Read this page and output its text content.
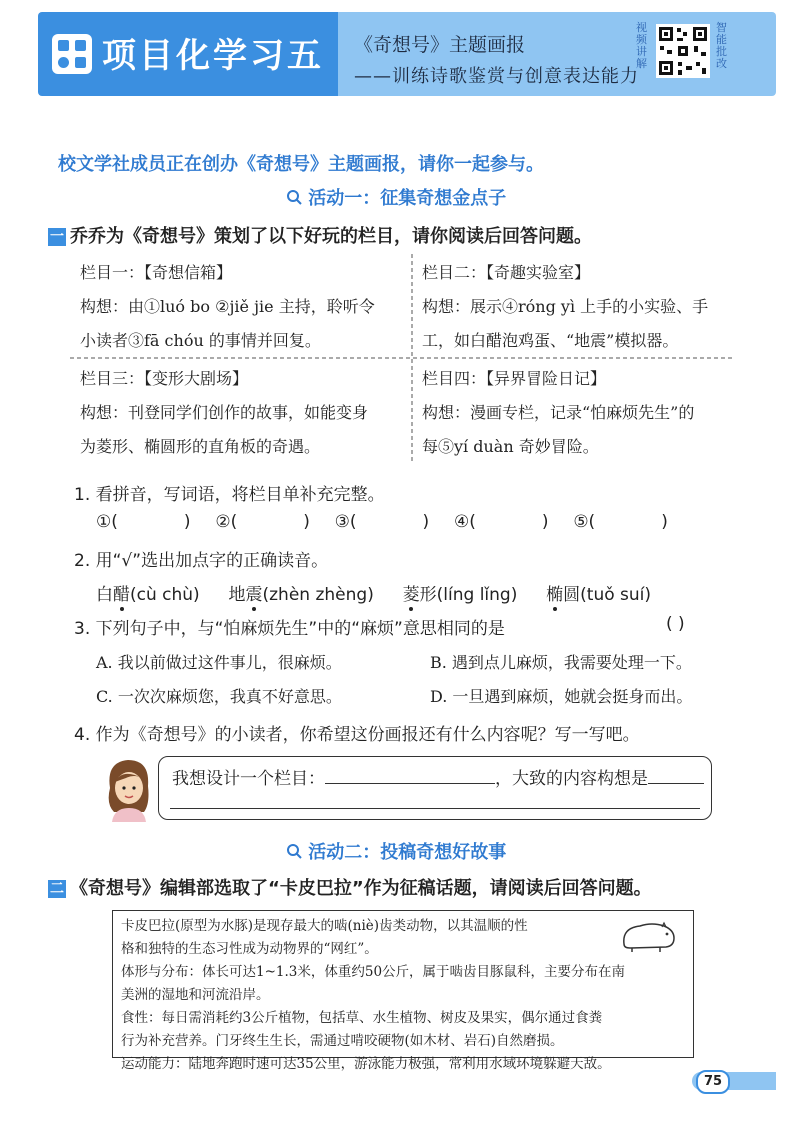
项目化学习五 《奇想号》主题画报
——训练诗歌鉴赏与创意表达能力
视频讲解
智能批改
校文学社成员正在创办《奇想号》主题画报，请你一起参与。
活动一：征集奇想金点子
一 乔乔为《奇想号》策划了以下好玩的栏目，请你阅读后回答问题。
栏目一：【奇想信箱】
构想：由①luó bo ②jiě jie 主持，聆听令
小读者③fā chóu 的事情并回复。
栏目二：【奇趣实验室】
构想：展示④róng yì 上手的小实验、手
工，如白醋泡鸡蛋、“地震”模拟器。
栏目三：【变形大剧场】
构想：刊登同学们创作的故事，如能变身
为菱形、椭圆形的直角板的奇遇。
栏目四：【异界冒险日记】
构想：漫画专栏，记录“怕麻烦先生”的
每⑤yí duàn 奇妙冒险。
1. 看拼音，写词语，将栏目单补充完整。
①(	) ②(	) ③(	) ④(	) ⑤(	)
2. 用“√”选出加点字的正确读音。
白醋(cù chù) 地震(zhèn zhèng) 菱形(líng lǐng) 椭圆(tuǒ suí)
3. 下列句子中，与“怕麻烦先生”中的“麻烦”意思相同的是	( )
A. 我以前做过这件事儿，很麻烦。	B. 遇到点儿麻烦，我需要处理一下。
C. 一次次麻烦您，我真不好意思。	D. 一旦遇到麻烦，她就会挺身而出。
4. 作为《奇想号》的小读者，你希望这份画报还有什么内容呢？写一写吧。
我想设计一个栏目：	，大致的内容构想是
活动二：投稿奇想好故事
二 《奇想号》编辑部选取了“卡皮巴拉”作为征稿话题，请阅读后回答问题。
卡皮巴拉(原型为水豚)是现存最大的啮(niè)齿类动物，以其温顺的性
格和独特的生态习性成为动物界的“网红”。
体形与分布：体长可达1~1.3米，体重约50公斤，属于啮齿目豚鼠科，主要分布在南
美洲的湿地和河流沿岸。
食性：每日需消耗约3公斤植物，包括草、水生植物、树皮及果实，偶尔通过食粪
行为补充营养。门牙终生生长，需通过啃咬硬物(如木材、岩石)自然磨损。
运动能力：陆地奔跑时速可达35公里，游泳能力极强，常利用水域环境躲避天敌。
75
